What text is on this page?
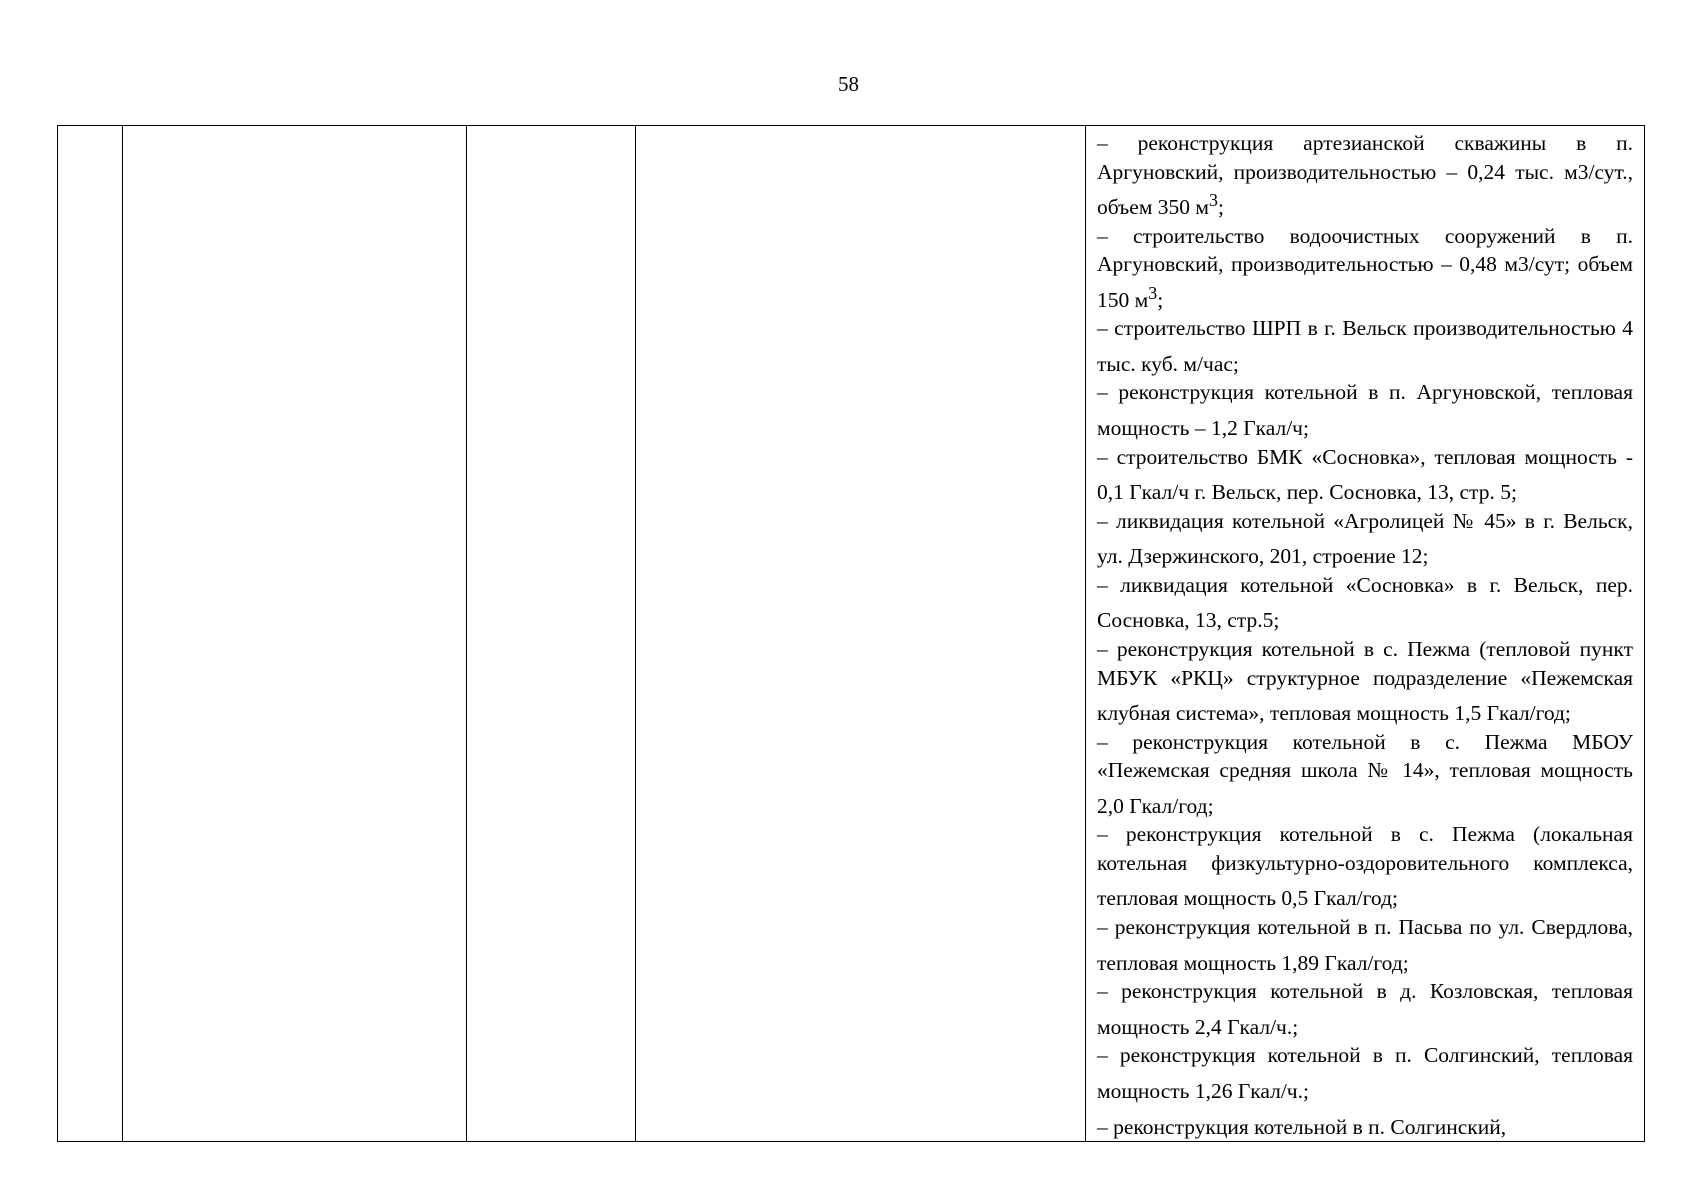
58

– реконструкция артезианской скважины в п. Аргуновский, производительностью – 0,24 тыс. м3/сут., объем 350 $м^3$;

– строительство водоочистных сооружений в п. Аргуновский, производительностью – 0,48 м3/сут; объем 150 $м^3$;

– строительство ШРП в г. Вельск производительностью 4 тыс. куб. м/час;

– реконструкция котельной в п. Аргуновской, тепловая мощность – 1,2 Гкал/ч;

– строительство БМК «Сосновка», тепловая мощность - 0,1 Гкал/ч г. Вельск, пер. Сосновка, 13, стр. 5;

– ликвидация котельной «Агролицей № 45» в г. Вельск, ул. Дзержинского, 201, строение 12;

– ликвидация котельной «Сосновка» в г. Вельск, пер. Сосновка, 13, стр.5;

– реконструкция котельной в с. Пежма (тепловой пункт МБУК «РКЦ» структурное подразделение «Пежемская клубная система», тепловая мощность 1,5 Гкал/год;

– реконструкция котельной в с. Пежма МБОУ «Пежемская средняя школа № 14», тепловая мощность 2,0 Гкал/год;

– реконструкция котельной в с. Пежма (локальная котельная физкультурно-оздоровительного комплекса, тепловая мощность 0,5 Гкал/год;

– реконструкция котельной в п. Пасьва по ул. Свердлова, тепловая мощность 1,89 Гкал/год;

– реконструкция котельной в д. Козловская, тепловая мощность 2,4 Гкал/ч.;

– реконструкция котельной в п. Солгинский, тепловая мощность 1,26 Гкал/ч.;

– реконструкция котельной в п. Солгинский,
